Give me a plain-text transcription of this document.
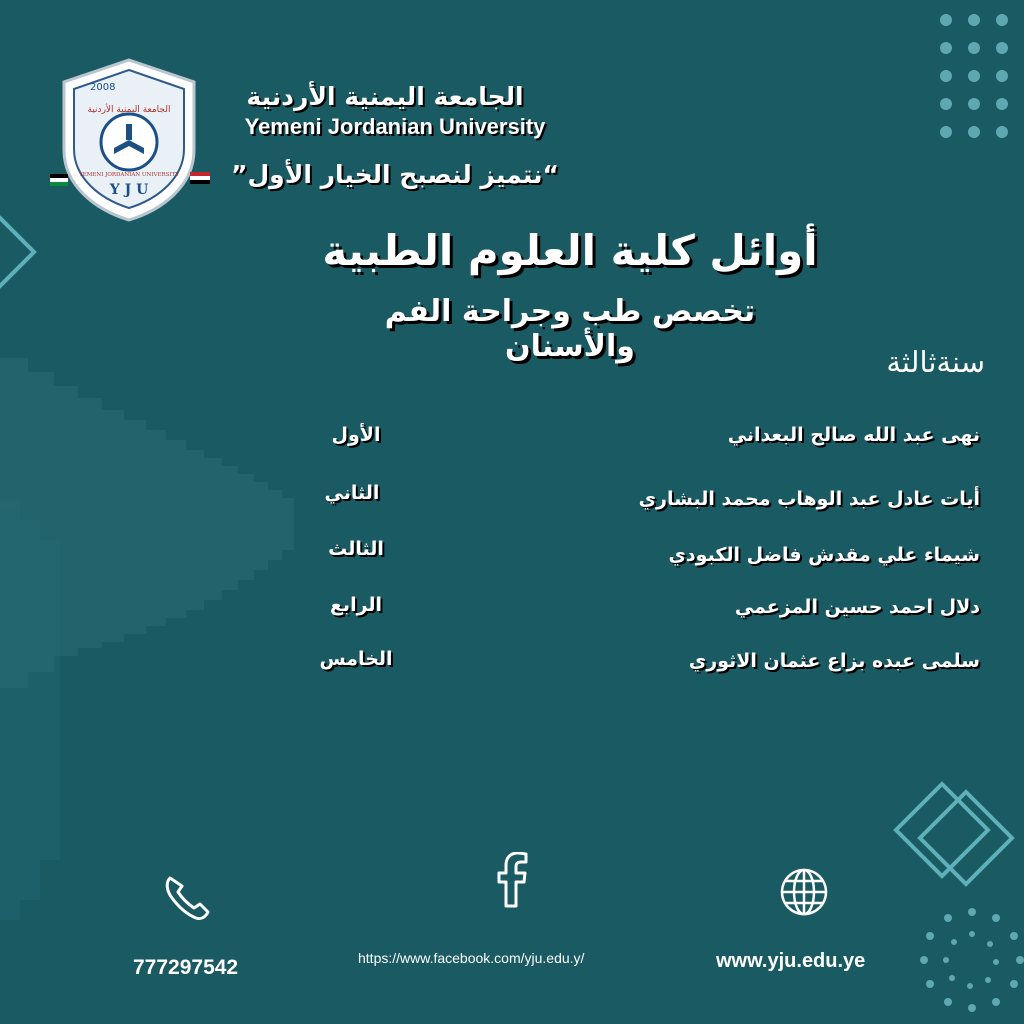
2008
Y J U
الجامعة اليمنية الأردنية
YEMENI JORDANIAN UNIVERSITY
الجامعة اليمنية الأردنية
Yemeni Jordanian University
“نتميز لنصبح الخيار الأول”
أوائل كلية العلوم الطبية
تخصص طب وجراحة الفم والأسنان	سنةثالثة
نهى عبد الله صالح البعداني
الأول
أيات عادل عبد الوهاب محمد البشاري
الثاني
شيماء علي مقدش فاضل الكبودي
الثالث
دلال احمد حسين المزعمي
الرابع
سلمى عبده بزاع عثمان الاثوري
الخامس
777297542	https://www.facebook.com/yju.edu.y/	www.yju.edu.ye
